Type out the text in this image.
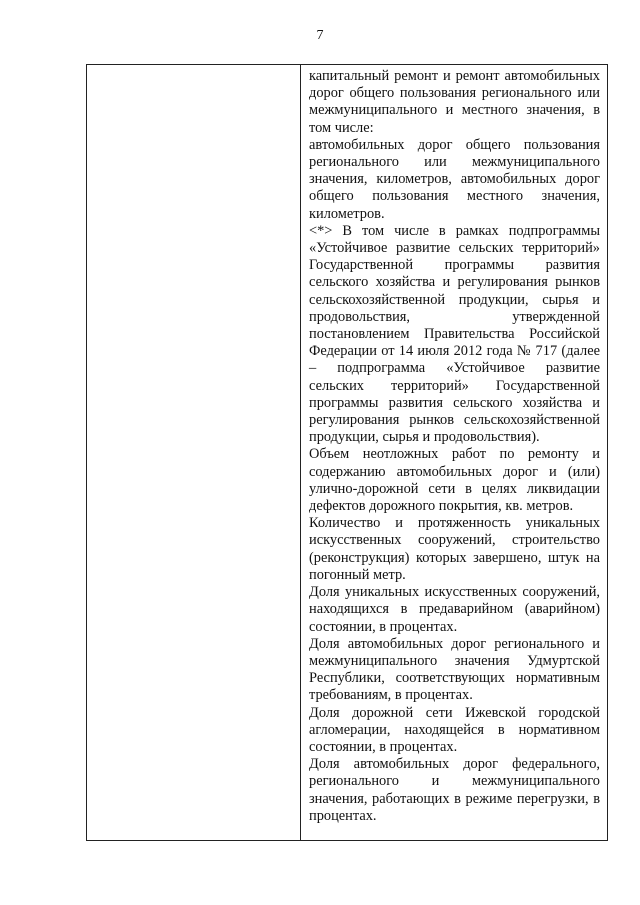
7

капитальный ремонт и ремонт автомобильных дорог общего пользования регионального или межмуниципального и местного значения, в том числе:

автомобильных дорог общего пользования регионального или межмуниципального значения, километров, автомобильных дорог общего пользования местного значения, километров.

<*> В том числе в рамках подпрограммы «Устойчивое развитие сельских территорий» Государственной программы развития сельского хозяйства и регулирования рынков сельскохозяйственной продукции, сырья и продовольствия, утвержденной постановлением Правительства Российской Федерации от 14 июля 2012 года № 717 (далее – подпрограмма «Устойчивое развитие сельских территорий» Государственной программы развития сельского хозяйства и регулирования рынков сельскохозяйственной продукции, сырья и продовольствия).

Объем неотложных работ по ремонту и содержанию автомобильных дорог и (или) улично-дорожной сети в целях ликвидации дефектов дорожного покрытия, кв. метров.

Количество и протяженность уникальных искусственных сооружений, строительство (реконструкция) которых завершено, штук на погонный метр.

Доля уникальных искусственных сооружений, находящихся в предаварийном (аварийном) состоянии, в процентах.

Доля автомобильных дорог регионального и межмуниципального значения Удмуртской Республики, соответствующих нормативным требованиям, в процентах.

Доля дорожной сети Ижевской городской агломерации, находящейся в нормативном состоянии, в процентах.

Доля автомобильных дорог федерального, регионального и межмуниципального значения, работающих в режиме перегрузки, в процентах.
